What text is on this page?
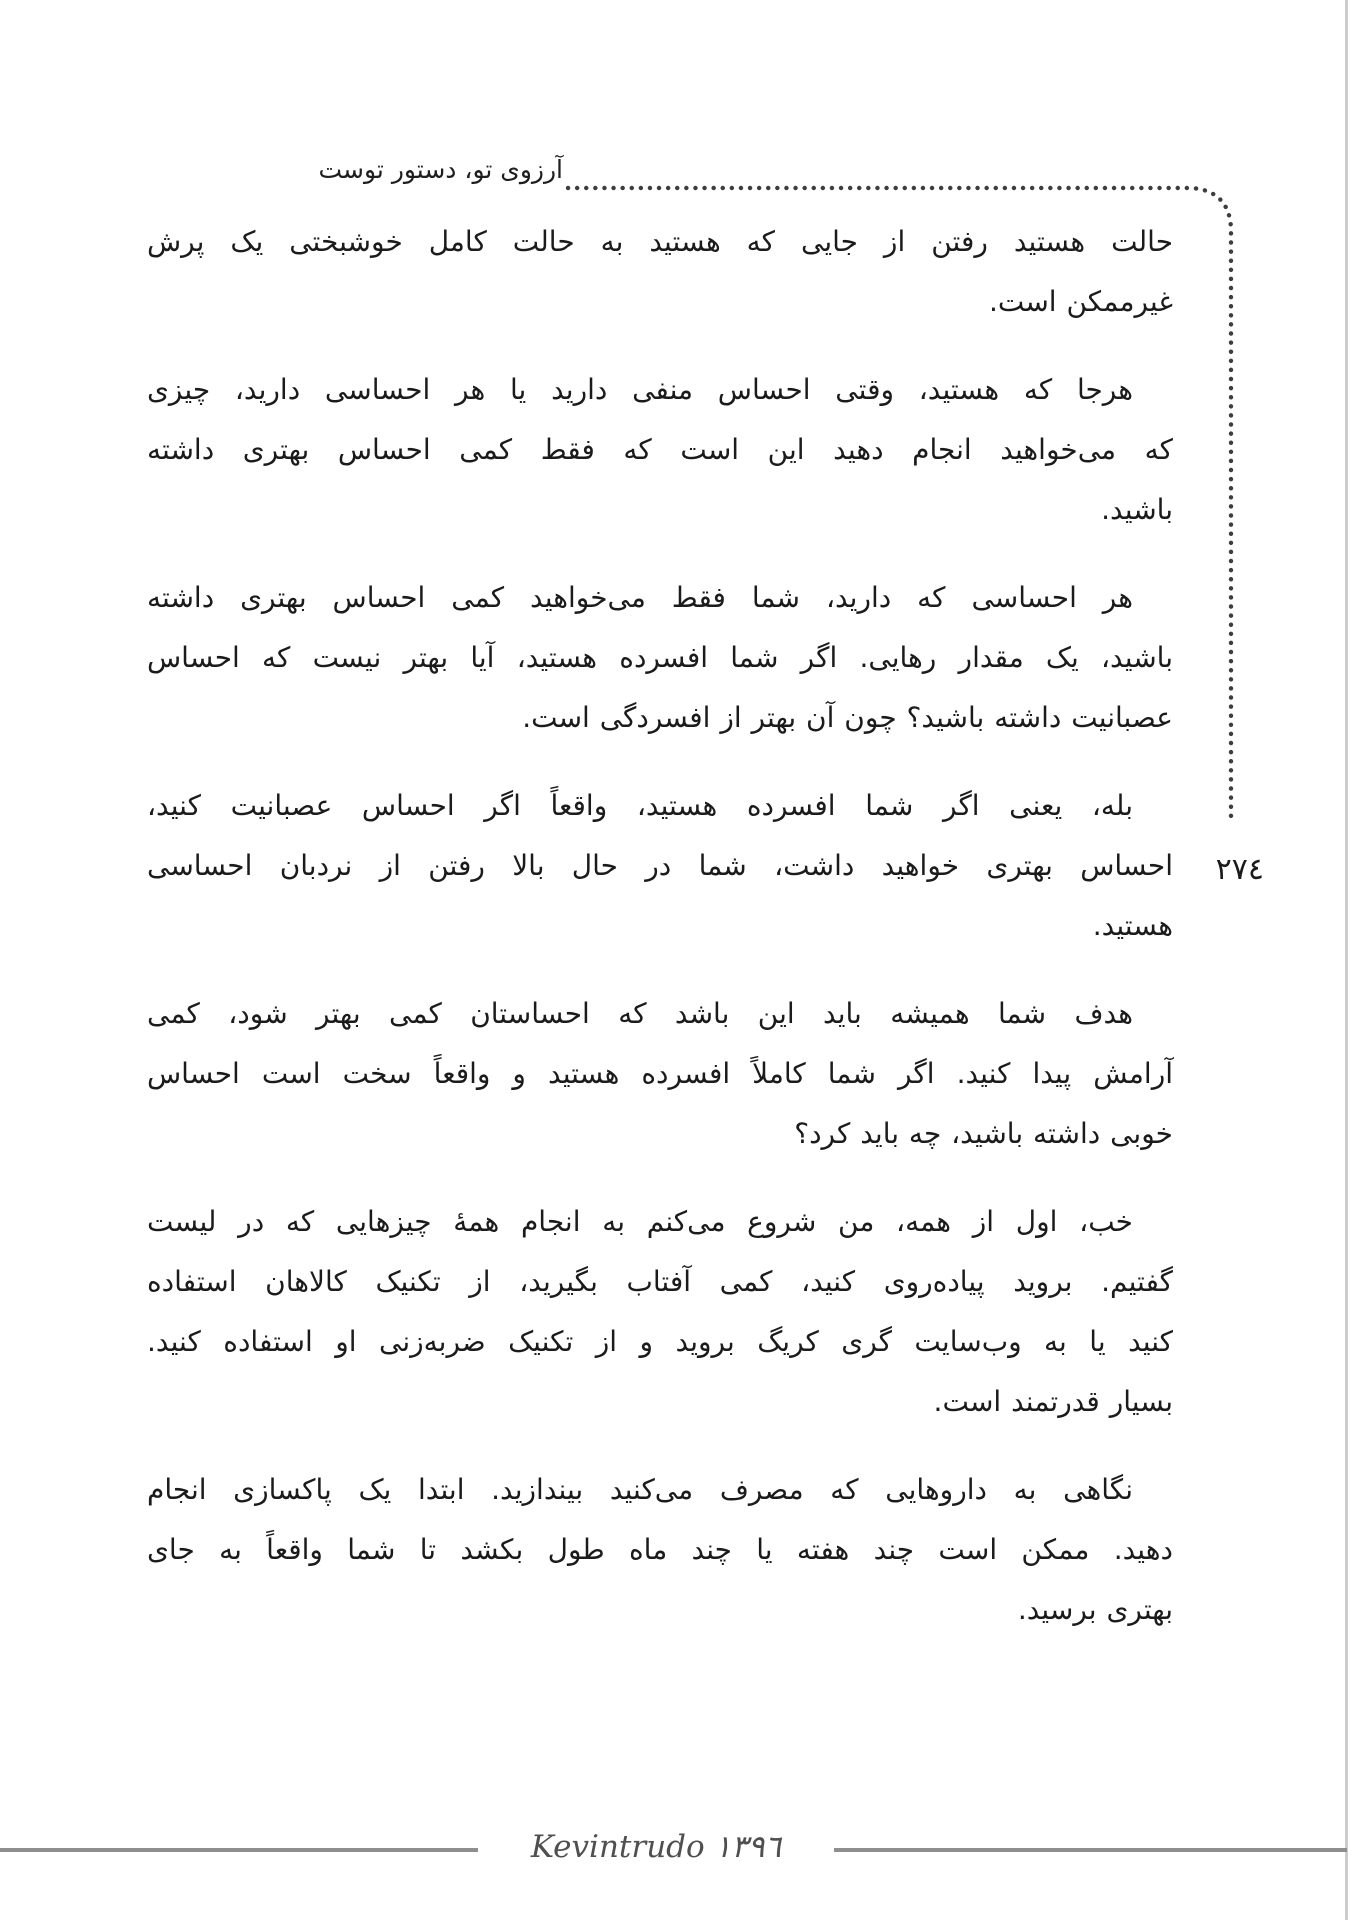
آرزوی تو، دستور توست
حالت هستید رفتن از جایی که هستید به حالت کامل خوشبختی یک پرش
غیرممکن است.
هرجا که هستید، وقتی احساس منفی دارید یا هر احساسی دارید، چیزی
که می‌خواهید انجام دهید این است که فقط کمی احساس بهتری داشته
باشید.
هر احساسی که دارید، شما فقط می‌خواهید کمی احساس بهتری داشته
باشید، یک مقدار رهایی. اگر شما افسرده هستید، آیا بهتر نیست که احساس
عصبانیت داشته باشید؟ چون آن بهتر از افسردگی است.
بله، یعنی اگر شما افسرده هستید، واقعاً اگر احساس عصبانیت کنید،
احساس بهتری خواهید داشت، شما در حال بالا رفتن از نردبان احساسی
هستید.
هدف شما همیشه باید این باشد که احساستان کمی بهتر شود، کمی
آرامش پیدا کنید. اگر شما کاملاً افسرده هستید و واقعاً سخت است احساس
خوبی داشته باشید، چه باید کرد؟
خب، اول از همه، من شروع می‌کنم به انجام همهٔ چیزهایی که در لیست
گفتیم. بروید پیاده‌روی کنید، کمی آفتاب بگیرید، از تکنیک کالاهان استفاده
کنید یا به وب‌سایت گری کریگ بروید و از تکنیک ضربه‌زنی او استفاده کنید.
بسیار قدرتمند است.
نگاهی به داروهایی که مصرف می‌کنید بیندازید. ابتدا یک پاکسازی انجام
دهید. ممکن است چند هفته یا چند ماه طول بکشد تا شما واقعاً به جای
بهتری برسید.
٢٧٤
Kevintrudo ١٣٩٦
